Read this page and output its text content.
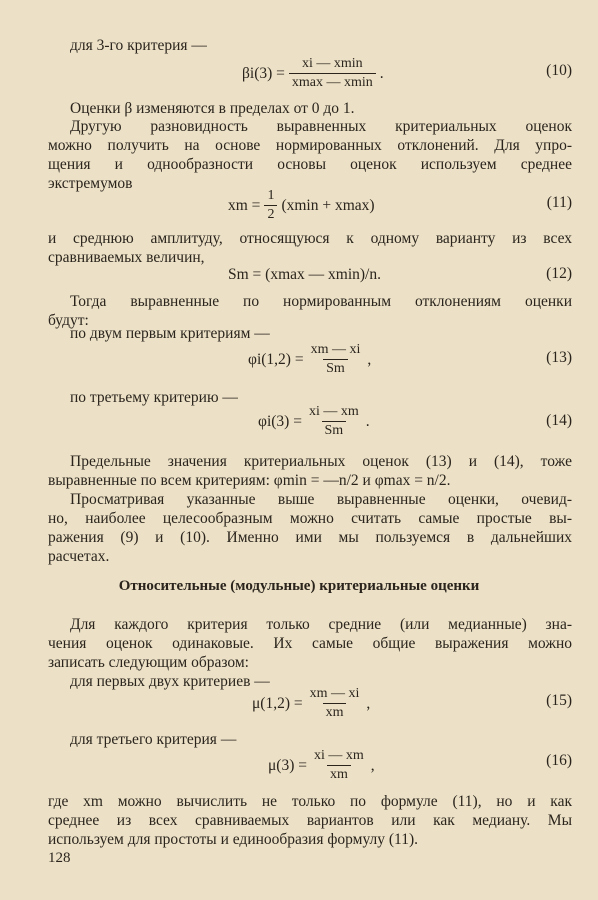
для 3-го критерия —
$\beta i(3) = \frac{xi — xmin}{xmax — xmin}$ .	(10)
Оценки β изменяются в пределах от 0 до 1.
Другую разновидность выравненных критериальных оценок
можно получить на основе нормированных отклонений. Для упро-
щения и однообразности основы оценок используем среднее
экстремумов
xm = $\frac{1}{2} (xmin + xmax)$	(11)
и среднюю амплитуду, относящуюся к одному варианту из всех
сравниваемых величин,
Sm = (xmax — xmin)/n.	(12)
Тогда выравненные по нормированным отклонениям оценки
будут:
по двум первым критериям —
$\varphi i(1,2) = \frac{xm — xi}{Sm}$ ,	(13)
по третьему критерию —
$\varphi i(3) = \frac{xi — xm}{Sm}$ .	(14)
Предельные значения критериальных оценок (13) и (14), тоже
выравненные по всем критериям: φmin = —n/2 и φmax = n/2.
Просматривая указанные выше выравненные оценки, очевид-
но, наиболее целесообразным можно считать самые простые вы-
ражения (9) и (10). Именно ими мы пользуемся в дальнейших
расчетах.
Относительные (модульные) критериальные оценки
Для каждого критерия только средние (или медианные) зна-
чения оценок одинаковые. Их самые общие выражения можно
записать следующим образом:
для первых двух критериев —
$\mu(1,2) = \frac{xm — xi}{xm}$ ,	(15)
для третьего критерия —
$\mu(3) = \frac{xi — xm}{xm}$ ,	(16)
где xm можно вычислить не только по формуле (11), но и как
среднее из всех сравниваемых вариантов или как медиану. Мы
используем для простоты и единообразия формулу (11).
128
